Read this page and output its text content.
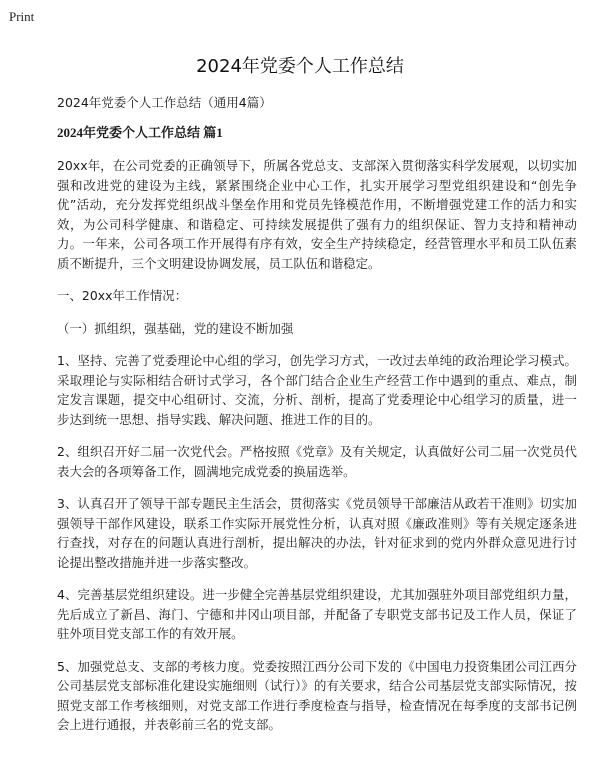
Print
2024年党委个人工作总结

2024年党委个人工作总结（通用4篇）

2024年党委个人工作总结 篇1

20xx年，在公司党委的正确领导下，所属各党总支、支部深入贯彻落实科学发展观，以切实加强和改进党的建设为主线，紧紧围绕企业中心工作，扎实开展学习型党组织建设和“创先争优”活动，充分发挥党组织战斗堡垒作用和党员先锋模范作用，不断增强党建工作的活力和实效，为公司科学健康、和谐稳定、可持续发展提供了强有力的组织保证、智力支持和精神动力。一年来，公司各项工作开展得有序有效，安全生产持续稳定，经营管理水平和员工队伍素质不断提升，三个文明建设协调发展，员工队伍和谐稳定。

一、20xx年工作情况：

（一）抓组织，强基础，党的建设不断加强

1、坚持、完善了党委理论中心组的学习，创先学习方式，一改过去单纯的政治理论学习模式。采取理论与实际相结合研讨式学习，各个部门结合企业生产经营工作中遇到的重点、难点，制定发言课题，提交中心组研讨、交流，分析、剖析，提高了党委理论中心组学习的质量，进一步达到统一思想、指导实践、解决问题、推进工作的目的。

2、组织召开好二届一次党代会。严格按照《党章》及有关规定，认真做好公司二届一次党员代表大会的各项筹备工作，圆满地完成党委的换届选举。

3、认真召开了领导干部专题民主生活会，贯彻落实《党员领导干部廉洁从政若干准则》切实加强领导干部作风建设，联系工作实际开展党性分析，认真对照《廉政准则》等有关规定逐条进行查找，对存在的问题认真进行剖析，提出解决的办法，针对征求到的党内外群众意见进行讨论提出整改措施并进一步落实整改。

4、完善基层党组织建设。进一步健全完善基层党组织建设，尤其加强驻外项目部党组织力量，先后成立了新昌、海门、宁德和井冈山项目部，并配备了专职党支部书记及工作人员，保证了驻外项目党支部工作的有效开展。

5、加强党总支、支部的考核力度。党委按照江西分公司下发的《中国电力投资集团公司江西分公司基层党支部标准化建设实施细则（试行）》的有关要求，结合公司基层党支部实际情况，按照党支部工作考核细则，对党支部工作进行季度检查与指导，检查情况在每季度的支部书记例会上进行通报，并表彰前三名的党支部。
